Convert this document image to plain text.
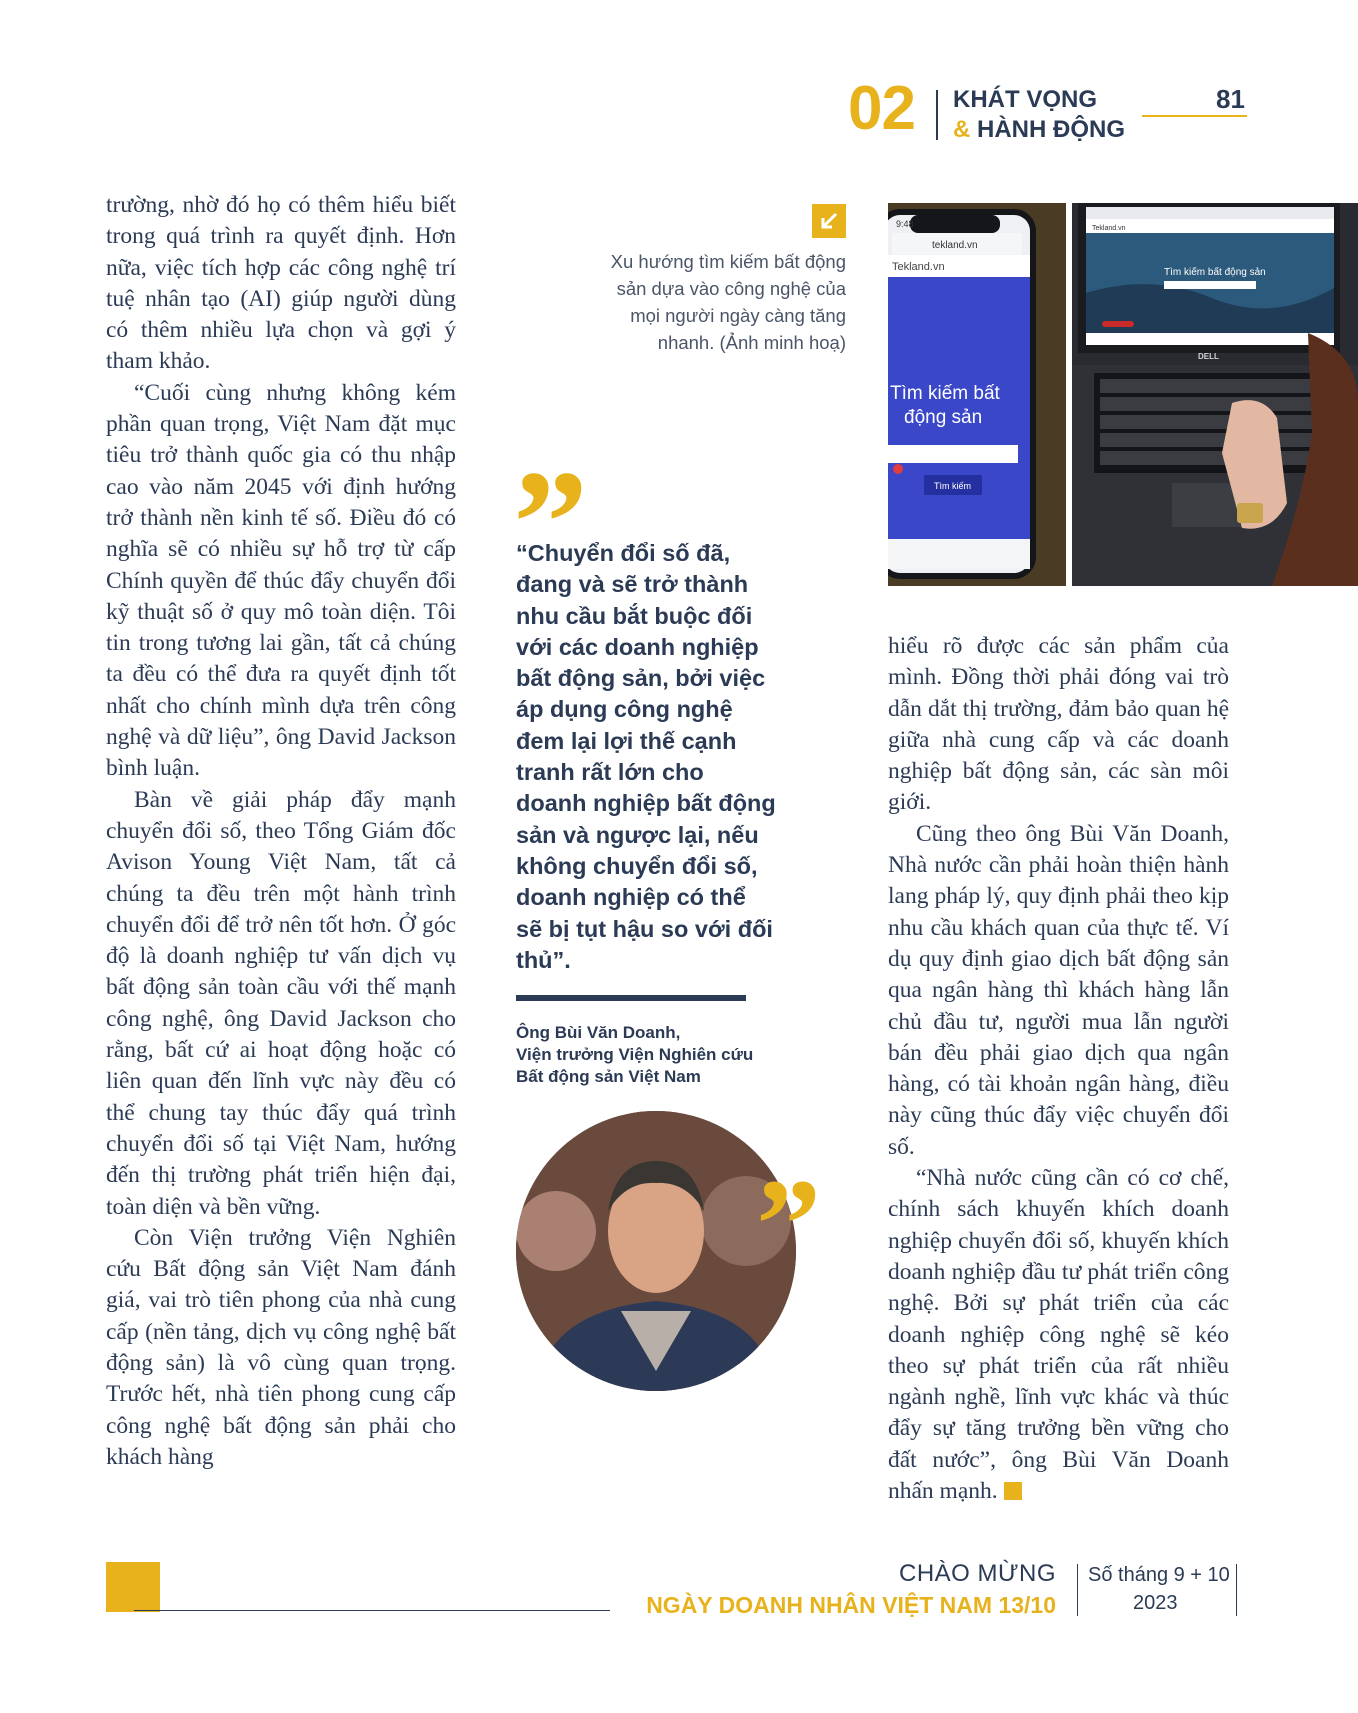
02 KHÁT VỌNG
& HÀNH ĐỘNG
81

trường, nhờ đó họ có thêm hiểu biết trong quá trình ra quyết định. Hơn nữa, việc tích hợp các công nghệ trí tuệ nhân tạo (AI) giúp người dùng có thêm nhiều lựa chọn và gợi ý tham khảo.

“Cuối cùng nhưng không kém phần quan trọng, Việt Nam đặt mục tiêu trở thành quốc gia có thu nhập cao vào năm 2045 với định hướng trở thành nền kinh tế số. Điều đó có nghĩa sẽ có nhiều sự hỗ trợ từ cấp Chính quyền để thúc đẩy chuyển đổi kỹ thuật số ở quy mô toàn diện. Tôi tin trong tương lai gần, tất cả chúng ta đều có thể đưa ra quyết định tốt nhất cho chính mình dựa trên công nghệ và dữ liệu”, ông David Jackson bình luận.

Bàn về giải pháp đẩy mạnh chuyển đổi số, theo Tổng Giám đốc Avison Young Việt Nam, tất cả chúng ta đều trên một hành trình chuyển đổi để trở nên tốt hơn. Ở góc độ là doanh nghiệp tư vấn dịch vụ bất động sản toàn cầu với thế mạnh công nghệ, ông David Jackson cho rằng, bất cứ ai hoạt động hoặc có liên quan đến lĩnh vực này đều có thể chung tay thúc đẩy quá trình chuyển đổi số tại Việt Nam, hướng đến thị trường phát triển hiện đại, toàn diện và bền vững.

Còn Viện trưởng Viện Nghiên cứu Bất động sản Việt Nam đánh giá, vai trò tiên phong của nhà cung cấp (nền tảng, dịch vụ công nghệ bất động sản) là vô cùng quan trọng. Trước hết, nhà tiên phong cung cấp công nghệ bất động sản phải cho khách hàng

Xu hướng tìm kiếm bất động sản dựa vào công nghệ của mọi người ngày càng tăng nhanh. (Ảnh minh hoạ)
9:48
tekland.vn
Tekland.vn
Tìm kiếm bất
động sản
Tìm kiếm
Tekland.vn
Tìm kiếm bất động sản
DELL
“Chuyển đổi số đã, đang và sẽ trở thành nhu cầu bắt buộc đối với các doanh nghiệp bất động sản, bởi việc áp dụng công nghệ đem lại lợi thế cạnh tranh rất lớn cho doanh nghiệp bất động sản và ngược lại, nếu không chuyển đổi số, doanh nghiệp có thể sẽ bị tụt hậu so với đối thủ”.
Ông Bùi Văn Doanh,
Viện trưởng Viện Nghiên cứu
Bất động sản Việt Nam

hiểu rõ được các sản phẩm của mình. Đồng thời phải đóng vai trò dẫn dắt thị trường, đảm bảo quan hệ giữa nhà cung cấp và các doanh nghiệp bất động sản, các sàn môi giới.

Cũng theo ông Bùi Văn Doanh, Nhà nước cần phải hoàn thiện hành lang pháp lý, quy định phải theo kịp nhu cầu khách quan của thực tế. Ví dụ quy định giao dịch bất động sản qua ngân hàng thì khách hàng lẫn chủ đầu tư, người mua lẫn người bán đều phải giao dịch qua ngân hàng, có tài khoản ngân hàng, điều này cũng thúc đẩy việc chuyển đổi số.

“Nhà nước cũng cần có cơ chế, chính sách khuyến khích doanh nghiệp chuyển đổi số, khuyến khích doanh nghiệp đầu tư phát triển công nghệ. Bởi sự phát triển của các doanh nghiệp công nghệ sẽ kéo theo sự phát triển của rất nhiều ngành nghề, lĩnh vực khác và thúc đẩy sự tăng trưởng bền vững cho đất nước”, ông Bùi Văn Doanh nhấn mạnh.

CHÀO MỪNG
NGÀY DOANH NHÂN VIỆT NAM 13/10
Số tháng 9 + 10
2023
